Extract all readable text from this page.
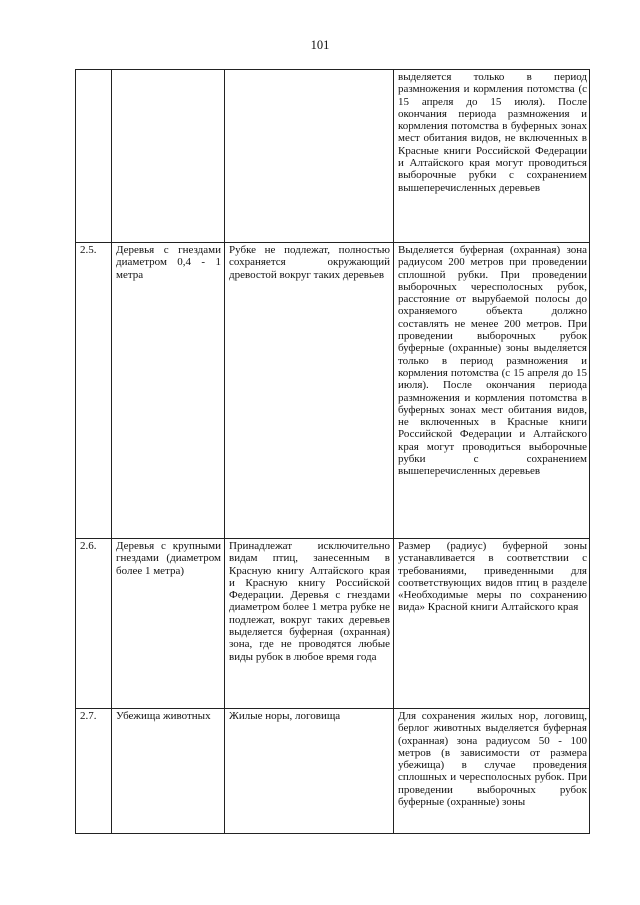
101
			выделяется только в период размножения и кормления потомства (с 15 апреля до 15 июля). После окончания периода размножения и кормления потомства в буферных зонах мест обитания видов, не включенных в Красные книги Российской Федерации и Алтайского края могут проводиться выборочные рубки с сохранением вышеперечисленных деревьев
2.5.	Деревья с гнездами диаметром 0,4 - 1 метра	Рубке не подлежат, полностью сохраняется окружающий древостой вокруг таких деревьев	Выделяется буферная (охранная) зона радиусом 200 метров при проведении сплошной рубки. При проведении выборочных чересполосных рубок, расстояние от вырубаемой полосы до охраняемого объекта должно составлять не менее 200 метров. При проведении выборочных рубок буферные (охранные) зоны выделяется только в период размножения и кормления потомства (с 15 апреля до 15 июля). После окончания периода размножения и кормления потомства в буферных зонах мест обитания видов, не включенных в Красные книги Российской Федерации и Алтайского края могут проводиться выборочные рубки с сохранением вышеперечисленных деревьев
2.6.	Деревья с крупными гнездами (диаметром более 1 метра)	Принадлежат исключительно видам птиц, занесенным в Красную книгу Алтайского края и Красную книгу Российской Федерации. Деревья с гнездами диаметром более 1 метра рубке не подлежат, вокруг таких деревьев выделяется буферная (охранная) зона, где не проводятся любые виды рубок в любое время года	Размер (радиус) буферной зоны устанавливается в соответствии с требованиями, приведенными для соответствующих видов птиц в разделе «Необходимые меры по сохранению вида» Красной книги Алтайского края
2.7.	Убежища животных	Жилые норы, логовища	Для сохранения жилых нор, логовищ, берлог животных выделяется буферная (охранная) зона радиусом 50 - 100 метров (в зависимости от размера убежища) в случае проведения сплошных и чересполосных рубок. При проведении выборочных рубок буферные (охранные) зоны
